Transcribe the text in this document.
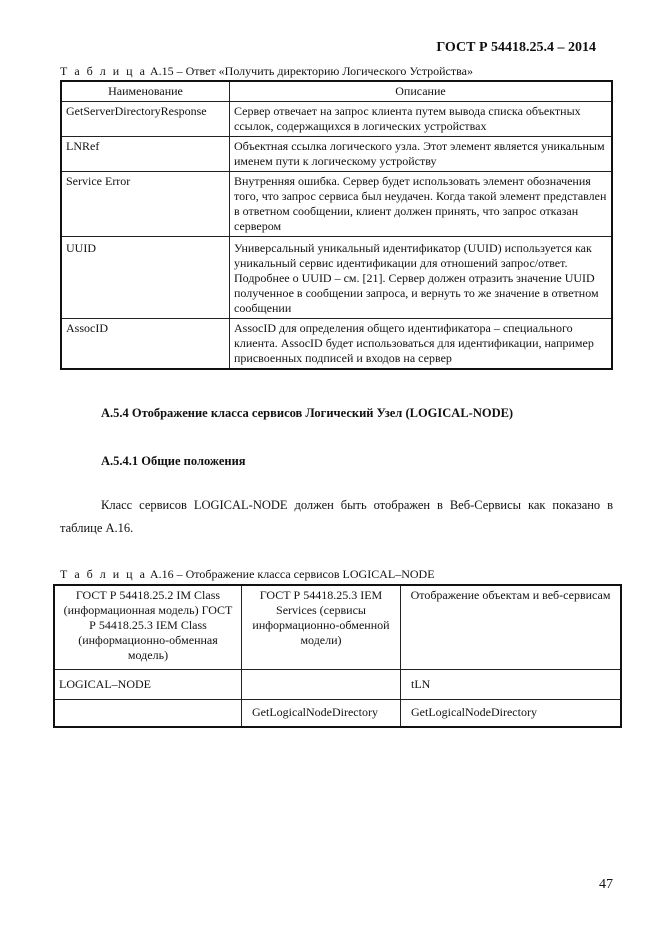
ГОСТ Р 54418.25.4 – 2014
Т а б л и ц а А.15 – Ответ «Получить директорию Логического Устройства»
Наименование	Описание
GetServerDirectoryResponse	Сервер отвечает на запрос клиента путем вывода списка объектных ссылок, содержащихся в логических устройствах
LNRef	Объектная ссылка логического узла. Этот элемент является уникальным именем пути к логическому устройству
Service Error	Внутренняя ошибка. Сервер будет использовать элемент обозначения того, что запрос сервиса был неудачен. Когда такой элемент представлен в ответном сообщении, клиент должен принять, что запрос отказан сервером
UUID	Универсальный уникальный идентификатор (UUID) используется как уникальный сервис идентификации для отношений запрос/ответ. Подробнее о UUID – см. [21]. Сервер должен отразить значение UUID полученное в сообщении запроса, и вернуть то же значение в ответном сообщении
AssocID	AssocID для определения общего идентификатора – специального клиента. AssocID будет использоваться для идентификации, например присвоенных подписей и входов на сервер
А.5.4 Отображение класса сервисов Логический Узел (LOGICAL-NODE)
А.5.4.1 Общие положения
Класс сервисов LOGICAL-NODE должен быть отображен в Веб-Сервисы как показано в таблице А.16.
Т а б л и ц а А.16 – Отображение класса сервисов LOGICAL–NODE
ГОСТ Р 54418.25.2 IM Class (информационная модель) ГОСТ Р 54418.25.3 IEM Class (информационно-обменная модель)	ГОСТ Р 54418.25.3 IEM Services (сервисы информационно-обменной модели)	Отображение объектам и веб-сервисам
LOGICAL–NODE		tLN
	GetLogicalNodeDirectory	GetLogicalNodeDirectory
47
